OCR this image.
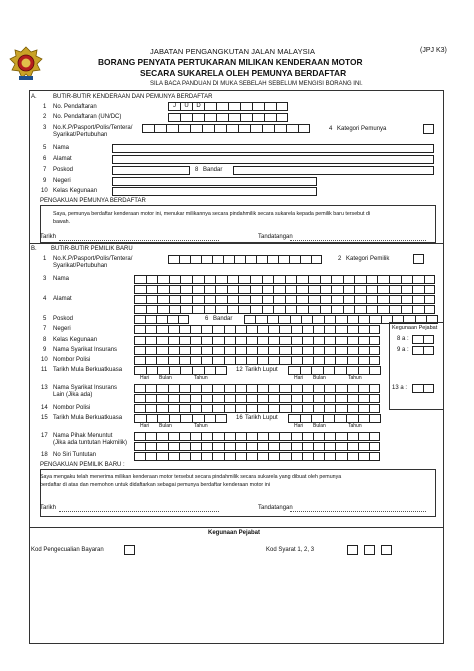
JABATAN PENGANGKUTAN JALAN MALAYSIA	(JPJ K3)
BORANG PENYATA PERTUKARAN MILIKAN KENDERAAN MOTOR
SECARA SUKARELA OLEH PEMUNYA BERDAFTAR
SILA BACA PANDUAN DI MUKA SEBELAH SEBELUM MENGISI BORANG INI.
A.	BUTIR-BUTIR KENDERAAN DAN PEMUNYA BERDAFTAR
1 No. Pendaftaran	J	U	D
2 No. Pendaftaran (UN/DC)
3 No.K.P/Pasport/Polis/Tentera/
Syarikat/Pertubuhan
4 Kategori Pemunya
5 Nama
6 Alamat
7 Poskod	8 Bandar
9 Negeri
10 Kelas Kegunaan
PENGAKUAN PEMUNYA BERDAFTAR
Saya, pemunya berdaftar kenderaan motor ini, menukar milikannya secara pindahmilik secara sukarela kepada pemilik baru tersebut di
bawah.
Tarikh	Tandatangan
B. BUTIR-BUTIR PEMILIK BARU
1 No.K.P/Pasport/Polis/Tentera/
Syarikat/Pertubuhan
2 Kategori Pemilik
3 Nama
4 Alamat
5 Poskod	6 Bandar
7 Negeri	Kegunaan Pejabat
8 a :
9 a :
13 a :
8 Kelas Kegunaan
9 Nama Syarikat Insurans
10 Nombor Polisi
11 Tarikh Mula Berkuatkuasa
Hari Bulan	Tahun
12 Tarikh Luput
Hari Bulan	Tahun
13 Nama Syarikat Insurans
Lain (Jika ada)
14 Nombor Polisi
15 Tarikh Mula Berkuatkuasa
Hari Bulan	Tahun
16 Tarikh Luput
Hari Bulan	Tahun
17 Nama Pihak Menuntut
(Jika ada tuntutan Hakmilik)
18 No Siri Tuntutan
PENGAKUAN PEMILIK BARU :
Saya mengaku telah menerima milikan kenderaan motor tersebut secara pindahmilik secara sukarela yang dibuat oleh pemunya
berdaftar di atas dan memohon untuk didaftarkan sebagai pemunya berdaftar kenderaan motor ini
Tarikh	Tandatangan
Kegunaan Pejabat
Kod Pengecualian Bayaran	Kod Syarat 1, 2, 3
